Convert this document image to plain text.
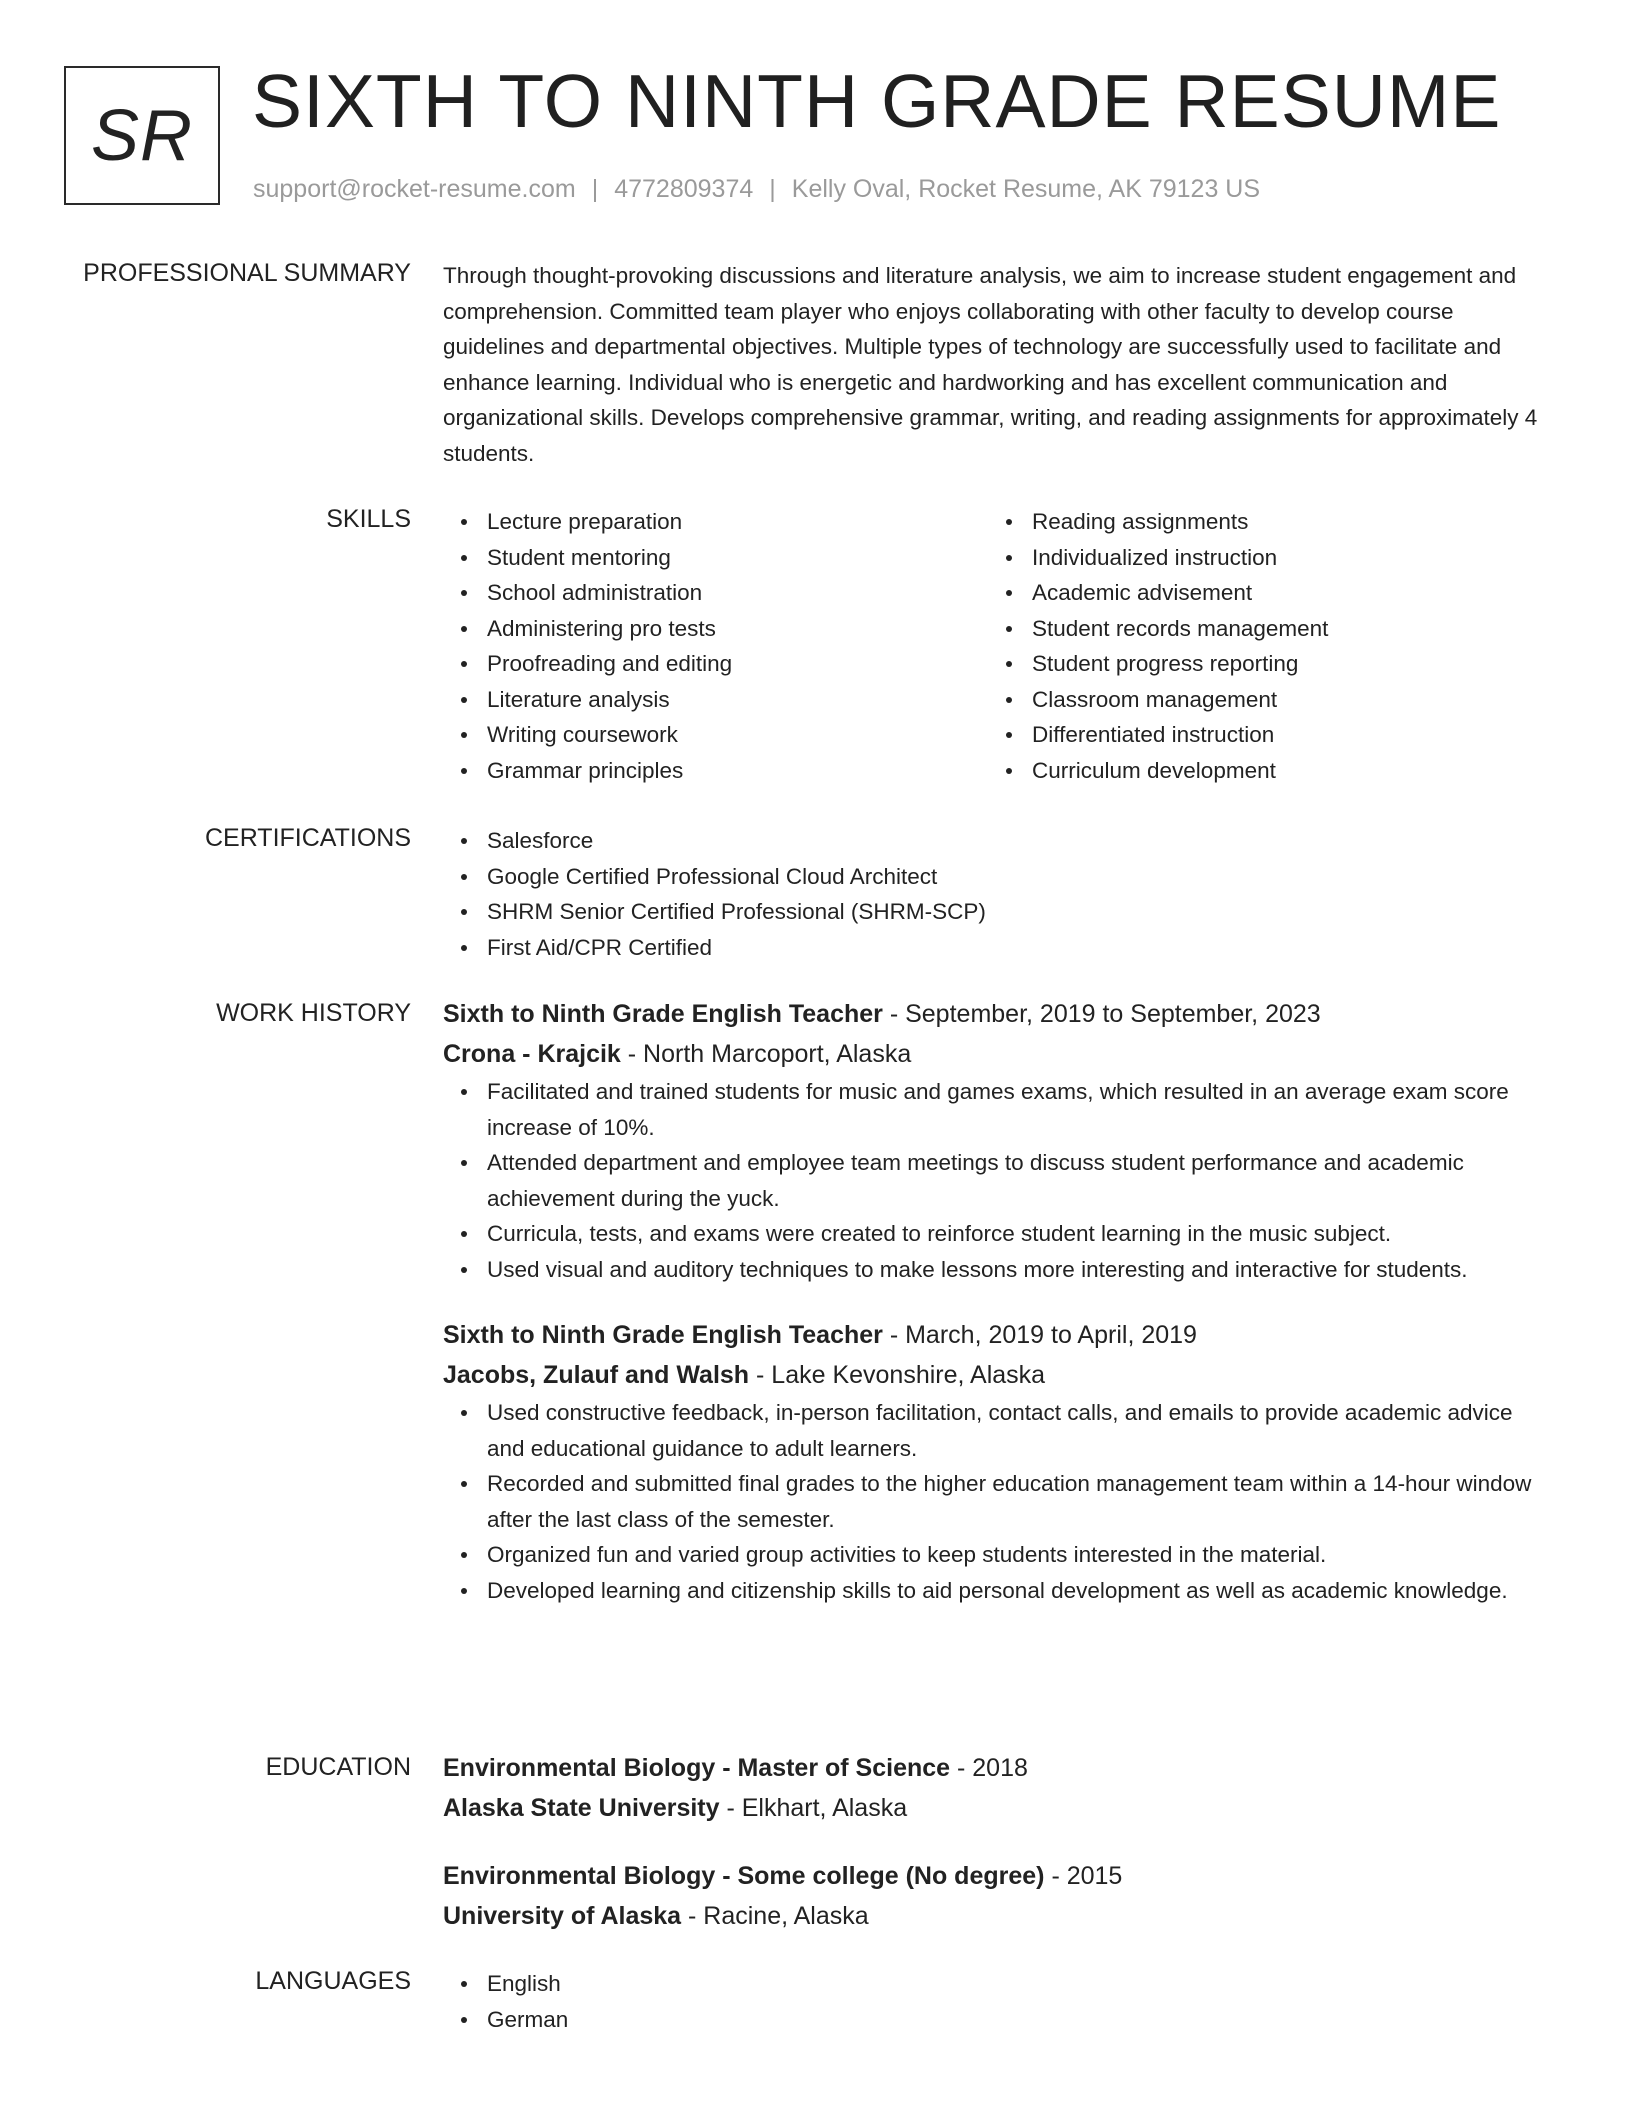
SR SIXTH TO NINTH GRADE RESUME
support@rocket-resume.com | 4772809374 | Kelly Oval, Rocket Resume, AK 79123 US
PROFESSIONAL SUMMARY Through thought-provoking discussions and literature analysis, we aim to increase student engagement and comprehension. Committed team player who enjoys collaborating with other faculty to develop course guidelines and departmental objectives. Multiple types of technology are successfully used to facilitate and enhance learning. Individual who is energetic and hardworking and has excellent communication and organizational skills. Develops comprehensive grammar, writing, and reading assignments for approximately 4 students.

SKILLS	Lecture preparation
Student mentoring
School administration
Administering pro tests
Proofreading and editing
Literature analysis
Writing coursework
Grammar principles
Reading assignments
Individualized instruction
Academic advisement
Student records management
Student progress reporting
Classroom management
Differentiated instruction
Curriculum development
CERTIFICATIONS	Salesforce
Google Certified Professional Cloud Architect
SHRM Senior Certified Professional (SHRM-SCP)
First Aid/CPR Certified
WORK HISTORY Sixth to Ninth Grade English Teacher - September, 2019 to September, 2023
Crona - Krajcik - North Marcoport, Alaska
Facilitated and trained students for music and games exams, which resulted in an average exam score increase of 10%.
Attended department and employee team meetings to discuss student performance and academic achievement during the yuck.
Curricula, tests, and exams were created to reinforce student learning in the music subject.
Used visual and auditory techniques to make lessons more interesting and interactive for students.
Sixth to Ninth Grade English Teacher - March, 2019 to April, 2019
Jacobs, Zulauf and Walsh - Lake Kevonshire, Alaska
Used constructive feedback, in-person facilitation, contact calls, and emails to provide academic advice and educational guidance to adult learners.
Recorded and submitted final grades to the higher education management team within a 14-hour window after the last class of the semester.
Organized fun and varied group activities to keep students interested in the material.
Developed learning and citizenship skills to aid personal development as well as academic knowledge.
EDUCATION Environmental Biology - Master of Science - 2018
Alaska State University - Elkhart, Alaska
Environmental Biology - Some college (No degree) - 2015
University of Alaska - Racine, Alaska
LANGUAGES	English
German
